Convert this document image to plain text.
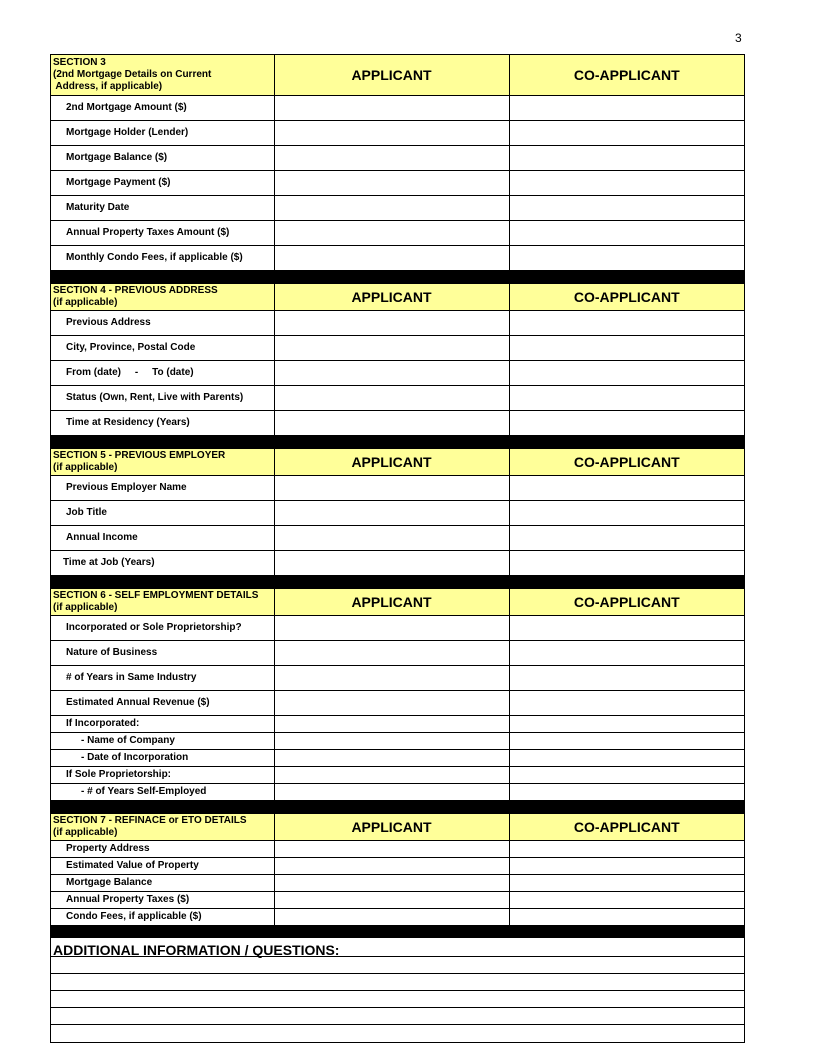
3
SECTION 3
(2nd Mortgage Details on Current
Address, if applicable)	APPLICANT	CO-APPLICANT
2nd Mortgage Amount ($)		
Mortgage Holder (Lender)		
Mortgage Balance ($)		
Mortgage Payment ($)		
Maturity Date		
Annual Property Taxes Amount ($)		
Monthly Condo Fees, if applicable ($)		

SECTION 4 - PREVIOUS ADDRESS
(if applicable)	APPLICANT	CO-APPLICANT
Previous Address		
City, Province, Postal Code		
From (date)     -     To (date)		
Status (Own, Rent, Live with Parents)		
Time at Residency (Years)		

SECTION 5 - PREVIOUS EMPLOYER
(if applicable)	APPLICANT	CO-APPLICANT
Previous Employer Name		
Job Title		
Annual Income		
Time at Job (Years)		

SECTION 6 - SELF EMPLOYMENT DETAILS
(if applicable)	APPLICANT	CO-APPLICANT
Incorporated or Sole Proprietorship?		
Nature of Business		
# of Years in Same Industry		
Estimated Annual Revenue ($)		
If Incorporated:		
- Name of Company		
- Date of Incorporation		
If Sole Proprietorship:		
- # of Years Self-Employed		

SECTION 7 - REFINACE or ETO DETAILS
(if applicable)	APPLICANT	CO-APPLICANT
Property Address		
Estimated Value of Property		
Mortgage Balance		
Annual Property Taxes ($)		
Condo Fees, if applicable ($)		

ADDITIONAL INFORMATION / QUESTIONS:
